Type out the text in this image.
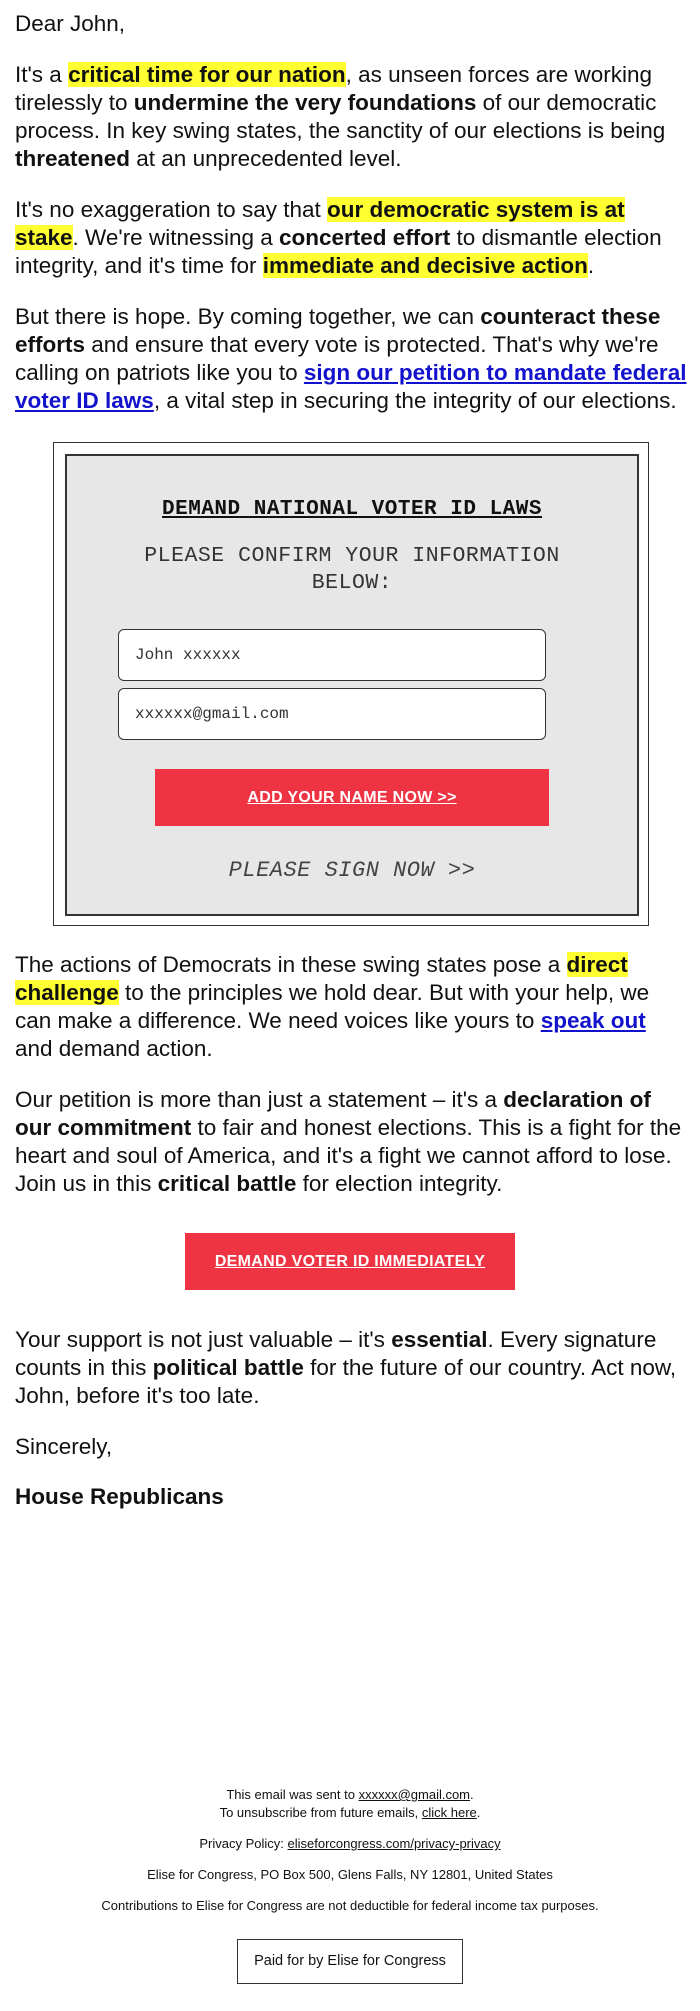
Dear John,

It's a critical time for our nation, as unseen forces are working tirelessly to undermine the very foundations of our democratic process. In key swing states, the sanctity of our elections is being threatened at an unprecedented level.

It's no exaggeration to say that our democratic system is at stake. We're witnessing a concerted effort to dismantle election integrity, and it's time for immediate and decisive action.

But there is hope. By coming together, we can counteract these efforts and ensure that every vote is protected. That's why we're calling on patriots like you to sign our petition to mandate federal voter ID laws, a vital step in securing the integrity of our elections.

DEMAND NATIONAL VOTER ID LAWS
PLEASE CONFIRM YOUR INFORMATION BELOW:
John xxxxxx
xxxxxx@gmail.com
ADD YOUR NAME NOW >>
PLEASE SIGN NOW >>

The actions of Democrats in these swing states pose a direct challenge to the principles we hold dear. But with your help, we can make a difference. We need voices like yours to speak out and demand action.

Our petition is more than just a statement – it's a declaration of our commitment to fair and honest elections. This is a fight for the heart and soul of America, and it's a fight we cannot afford to lose. Join us in this critical battle for election integrity.

DEMAND VOTER ID IMMEDIATELY

Your support is not just valuable – it's essential. Every signature counts in this political battle for the future of our country. Act now, John, before it's too late.

Sincerely,

House Republicans

This email was sent to xxxxxx@gmail.com.
To unsubscribe from future emails, click here.
Privacy Policy: eliseforcongress.com/privacy-privacy
Elise for Congress, PO Box 500, Glens Falls, NY 12801, United States
Contributions to Elise for Congress are not deductible for federal income tax purposes.
Paid for by Elise for Congress
